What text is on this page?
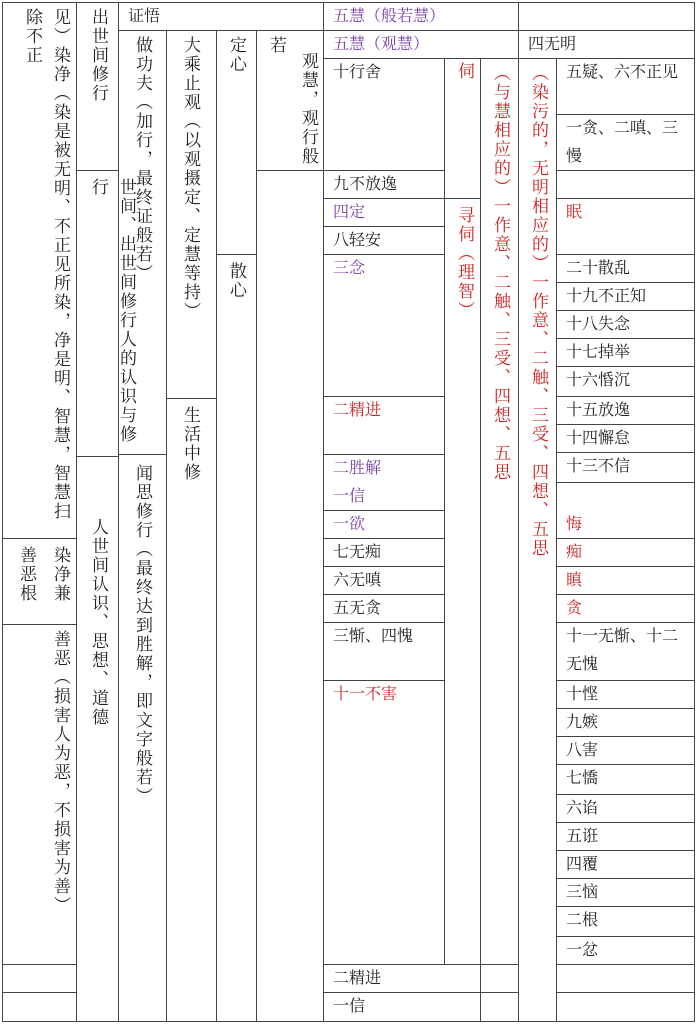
见）染净（染是被无明、不正见所染，净是明、智慧，智慧扫除不正
善恶根 染净兼
善恶（损害人为恶，不损害为善）
出世间修行
世间、出世间修行人的认识与修行
人世间认识、思想、道德
证悟	五慧（般若慧）
五慧（观慧）	四无明
做功夫（加行，最终证般若）
闻思修行（最终达到胜解，即文字般若）
大乘止观（以观摄定、定慧等持）
生活中修
定心
散心
若
观慧，观行般 十行舍
九不放逸
四定
八轻安
三念
二精进
二胜解
一信
一欲
七无痴
六无嗔
五无贪
三惭、四愧
十一不害
二精进
一信
伺
寻伺（理智） （与慧相应的）一作意、二触、三受、四想、五思 （染污的，无明相应的）一作意、二触、三受、四想、五思 眠
悔
痴
瞋
贪
五疑、六不正见
一贪、二嗔、三慢
二十散乱
十九不正知
十八失念
十七掉举
十六惛沉
十五放逸
十四懈怠
十三不信
十一无惭、十二无愧
十悭
九嫉
八害
七憍
六谄
五诳
四覆
三恼
二根
一忿
